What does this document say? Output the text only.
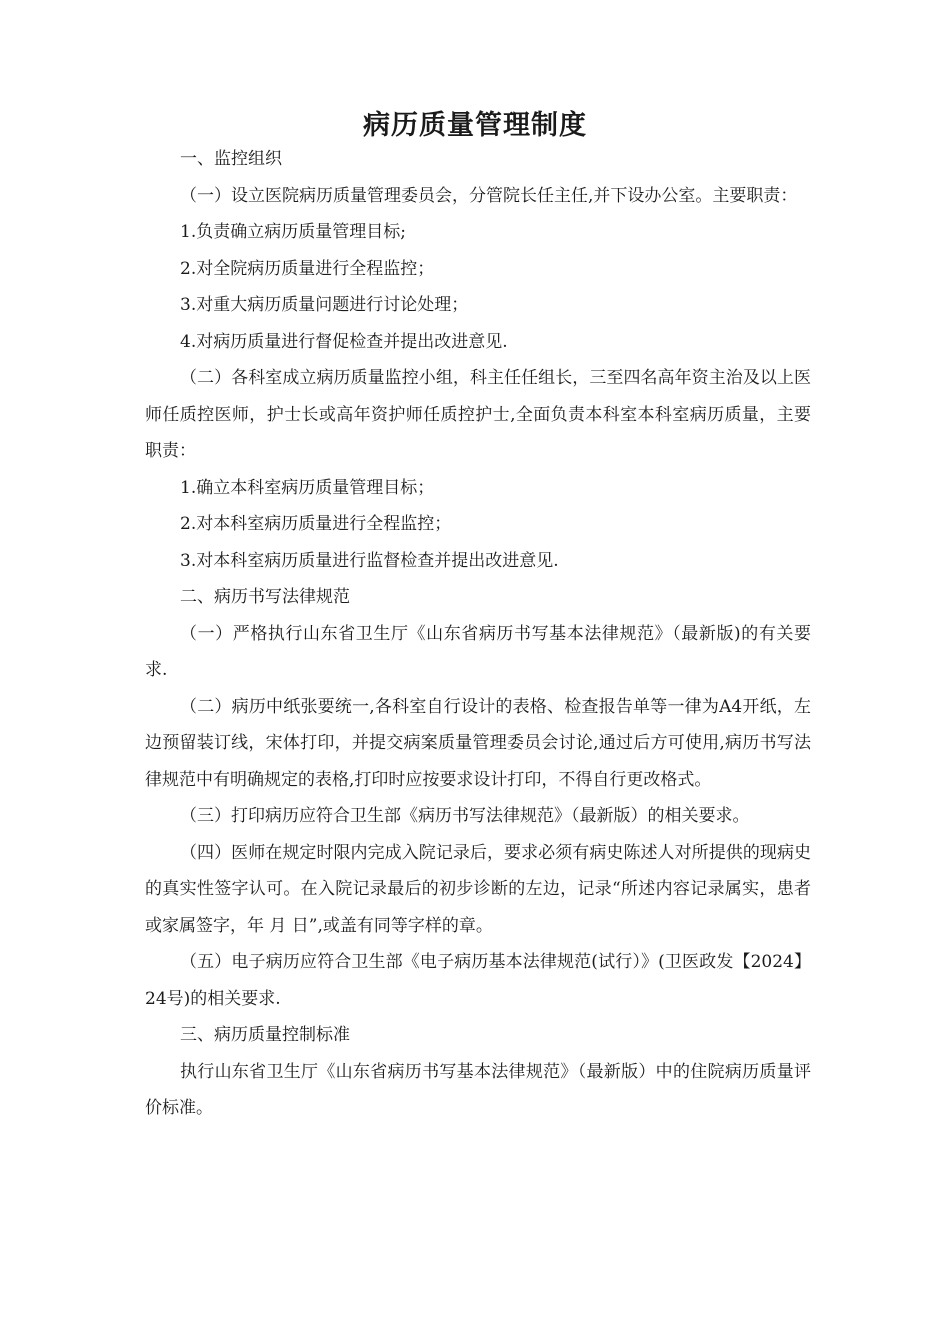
病历质量管理制度

一、监控组织

（一）设立医院病历质量管理委员会，分管院长任主任,并下设办公室。主要职责：

1.负责确立病历质量管理目标;

2.对全院病历质量进行全程监控；

3.对重大病历质量问题进行讨论处理；

4.对病历质量进行督促检查并提出改进意见.

（二）各科室成立病历质量监控小组，科主任任组长，三至四名高年资主治及以上医师任质控医师，护士长或高年资护师任质控护士,全面负责本科室本科室病历质量，主要职责：

1.确立本科室病历质量管理目标；

2.对本科室病历质量进行全程监控；

3.对本科室病历质量进行监督检查并提出改进意见.

二、病历书写法律规范

（一）严格执行山东省卫生厅《山东省病历书写基本法律规范》（最新版)的有关要求.

（二）病历中纸张要统一,各科室自行设计的表格、检查报告单等一律为A4开纸，左边预留装订线，宋体打印，并提交病案质量管理委员会讨论,通过后方可使用,病历书写法律规范中有明确规定的表格,打印时应按要求设计打印，不得自行更改格式。

（三）打印病历应符合卫生部《病历书写法律规范》（最新版）的相关要求。

（四）医师在规定时限内完成入院记录后，要求必须有病史陈述人对所提供的现病史的真实性签字认可。在入院记录最后的初步诊断的左边，记录“所述内容记录属实，患者或家属签字，年 月 日”,或盖有同等字样的章。

（五）电子病历应符合卫生部《电子病历基本法律规范(试行）》(卫医政发【2024】24号)的相关要求.

三、病历质量控制标准

执行山东省卫生厅《山东省病历书写基本法律规范》（最新版）中的住院病历质量评价标准。
